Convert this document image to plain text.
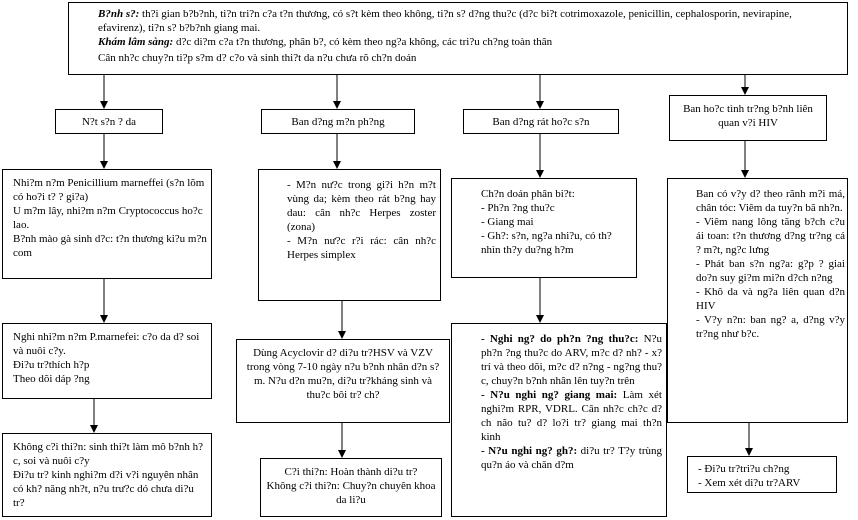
B?nh s?: th?i gian b?b?nh, ti?n tri?n c?a t?n thương, có s?t kèm theo không, ti?n s? d?ng thu?c (d?c bi?t cotrimoxazole, penicillin, cephalosporin, nevirapine, efavirenz), ti?n s? b?b?nh giang mai.

Khám lâm sàng: d?c di?m c?a t?n thương, phân b?, có kèm theo ng?a không, các tri?u ch?ng toàn thân

Cân nh?c chuy?n ti?p s?m d? c?o và sinh thi?t da n?u chưa rõ ch?n doán

N?t s?n ? da	Ban d?ng m?n ph?ng	Ban d?ng rát ho?c s?n
Ban ho?c tình tr?ng b?nh liên quan v?i HIV

Nhi?m n?m Penicillium marneffei (s?n lõm có ho?i t? ? gi?a)

U m?m lây, nhi?m n?m Cryptococcus ho?c lao.

B?nh mào gà sinh d?c: t?n thương ki?u m?n com

Nghi nhi?m n?m P.marnefei: c?o da d? soi và nuôi c?y.

Đi?u tr?thích h?p

Theo dõi dáp ?ng

Không c?i thi?n: sinh thi?t làm mô b?nh h?c, soi và nuôi c?y

Đi?u tr? kinh nghi?m d?i v?i nguyên nhân có kh? năng nh?t, n?u trư?c dó chưa di?u tr?

- M?n nư?c trong gi?i h?n m?t vùng da; kèm theo rát b?ng hay dau: cân nh?c Herpes zoster (zona)

- M?n nư?c r?i rác: cân nh?c Herpes simplex

Dùng Acyclovir d? di?u tr?HSV và VZV trong vòng 7-10 ngày n?u b?nh nhân d?n s?m. N?u d?n mu?n, di?u tr?kháng sinh và thu?c bôi tr? ch?

C?i thi?n: Hoàn thành di?u tr?

Không c?i thi?n: Chuy?n chuyên khoa da li?u

Ch?n doán phân bi?t:

- Ph?n ?ng thu?c

- Giang mai

- Gh?: s?n, ng?a nhi?u, có th? nhìn th?y du?ng h?m

- Nghi ng? do ph?n ?ng thu?c: N?u ph?n ?ng thu?c do ARV, m?c d? nh? - x? trí và theo dõi, m?c d? n?ng - ng?ng thu?c, chuy?n b?nh nhân lên tuy?n trên

- N?u nghi ng? giang mai: Làm xét nghi?m RPR, VDRL. Cân nh?c ch?c d?ch não tu? d? lo?i tr? giang mai th?n kinh

- N?u nghi ng? gh?: di?u tr? T?y trùng qu?n áo và chăn d?m

Ban có v?y d? theo rãnh m?i má, chân tóc: Viêm da tuy?n bã nh?n.

- Viêm nang lông tăng b?ch c?u ái toan: t?n thương d?ng tr?ng cá ? m?t, ng?c lưng

- Phát ban s?n ng?a: g?p ? giai do?n suy gi?m mi?n d?ch n?ng

- Khô da và ng?a liên quan d?n HIV

- V?y n?n: ban ng? a, d?ng v?y tr?ng như b?c.

- Đi?u tr?tri?u ch?ng

- Xem xét di?u tr?ARV
